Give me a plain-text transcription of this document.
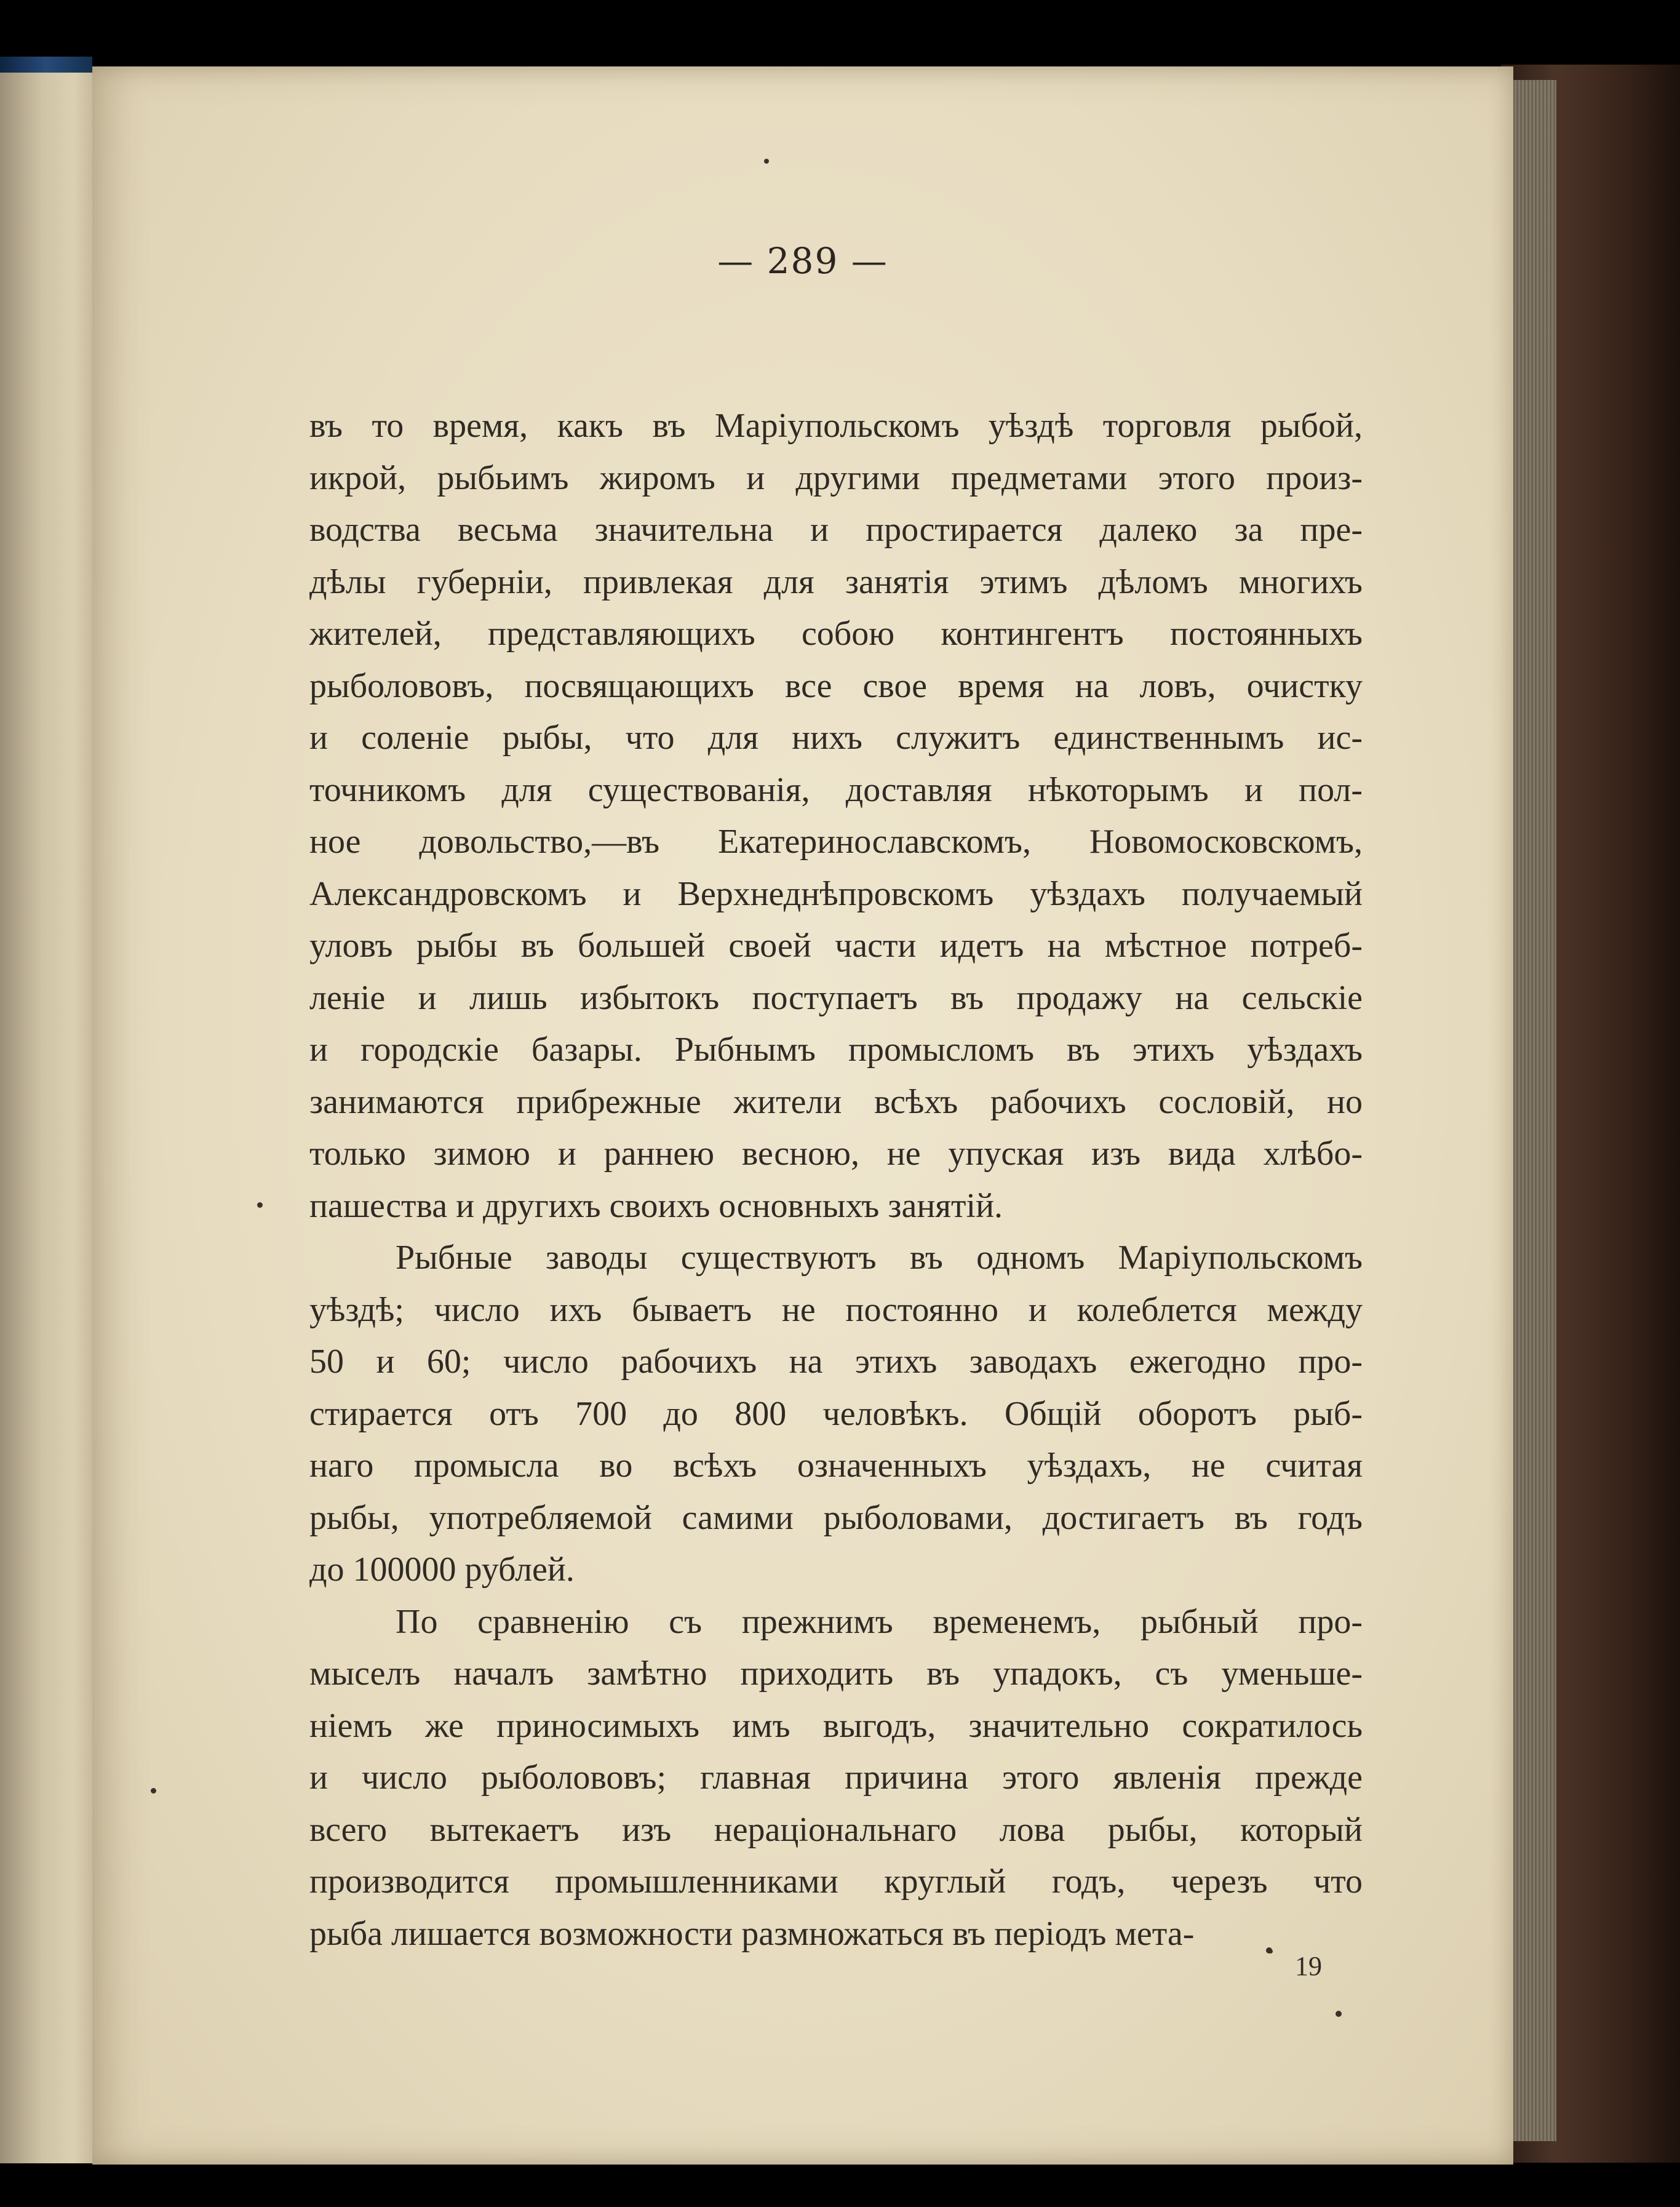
— 289 —
въ то время, какъ въ Маріупольскомъ уѣздѣ торговля рыбой,
икрой, рыбьимъ жиромъ и другими предметами этого произ-
водства весьма значительна и простирается далеко за пре-
дѣлы губерніи, привлекая для занятія этимъ дѣломъ многихъ
жителей, представляющихъ собою контингентъ постоянныхъ
рыболововъ, посвящающихъ все свое время на ловъ, очистку
и соленіе рыбы, что для нихъ служитъ единственнымъ ис-
точникомъ для существованія, доставляя нѣкоторымъ и пол-
ное довольство,—въ Екатеринославскомъ, Новомосковскомъ,
Александровскомъ и Верхнеднѣпровскомъ уѣздахъ получаемый
уловъ рыбы въ большей своей части идетъ на мѣстное потреб-
леніе и лишь избытокъ поступаетъ въ продажу на сельскіе
и городскіе базары. Рыбнымъ промысломъ въ этихъ уѣздахъ
занимаются прибрежные жители всѣхъ рабочихъ сословій, но
только зимою и раннею весною, не упуская изъ вида хлѣбо-
пашества и другихъ своихъ основныхъ занятій.
Рыбные заводы существуютъ въ одномъ Маріупольскомъ
уѣздѣ; число ихъ бываетъ не постоянно и колеблется между
50 и 60; число рабочихъ на этихъ заводахъ ежегодно про-
стирается отъ 700 до 800 человѣкъ. Общій оборотъ рыб-
наго промысла во всѣхъ означенныхъ уѣздахъ, не считая
рыбы, употребляемой самими рыболовами, достигаетъ въ годъ
до 100000 рублей.
По сравненію съ прежнимъ временемъ, рыбный про-
мыселъ началъ замѣтно приходить въ упадокъ, съ уменьше-
ніемъ же приносимыхъ имъ выгодъ, значительно сократилось
и число рыболововъ; главная причина этого явленія прежде
всего вытекаетъ изъ нераціональнаго лова рыбы, который
производится промышленниками круглый годъ, черезъ что
рыба лишается возможности размножаться въ періодъ мета-
19
